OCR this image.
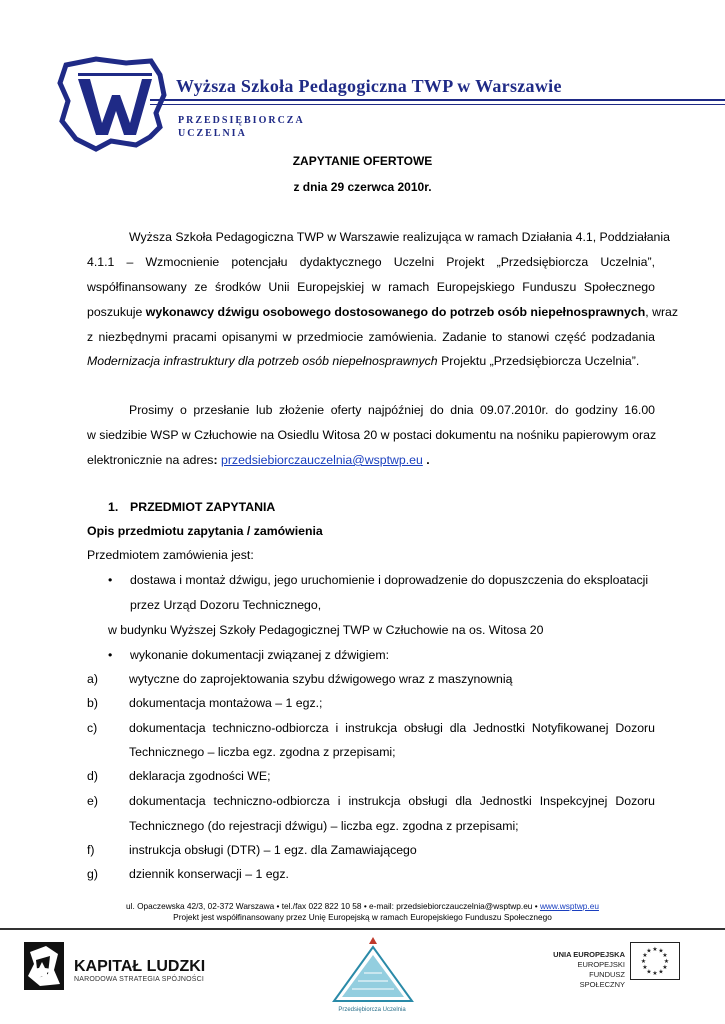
Wyższa Szkoła Pedagogiczna TWP w Warszawie
PRZEDSIĘBIORCZA
UCZELNIA
ZAPYTANIE OFERTOWE
z dnia 29 czerwca 2010r.
Wyższa Szkoła Pedagogiczna TWP w Warszawie realizująca w ramach Działania 4.1, Poddziałania
4.1.1 – Wzmocnienie potencjału dydaktycznego Uczelni Projekt „Przedsiębiorcza Uczelnia”,
współfinansowany ze środków Unii Europejskiej w ramach Europejskiego Funduszu Społecznego
poszukuje wykonawcy dźwigu osobowego dostosowanego do potrzeb osób niepełnosprawnych, wraz
z niezbędnymi pracami opisanymi w przedmiocie zamówienia. Zadanie to stanowi część podzadania
Modernizacja infrastruktury dla potrzeb osób niepełnosprawnych Projektu „Przedsiębiorcza Uczelnia”.
Prosimy o przesłanie lub złożenie oferty najpóźniej do dnia 09.07.2010r. do godziny 16.00
w siedzibie WSP w Człuchowie na Osiedlu Witosa 20 w postaci dokumentu na nośniku papierowym oraz
elektronicznie na adres: przedsiebiorczauczelnia@wsptwp.eu .
1. PRZEDMIOT ZAPYTANIA
Opis przedmiotu zapytania / zamówienia
Przedmiotem zamówienia jest:
• dostawa i montaż dźwigu, jego uruchomienie i doprowadzenie do dopuszczenia do eksploatacji
przez Urząd Dozoru Technicznego,
w budynku Wyższej Szkoły Pedagogicznej TWP w Człuchowie na os. Witosa 20
• wykonanie dokumentacji związanej z dźwigiem:
a)	wytyczne do zaprojektowania szybu dźwigowego wraz z maszynownią
b)	dokumentacja montażowa – 1 egz.;
c)	dokumentacja techniczno-odbiorcza i instrukcja obsługi dla Jednostki Notyfikowanej Dozoru
Technicznego – liczba egz. zgodna z przepisami;
d)	deklaracja zgodności WE;
e)	dokumentacja techniczno-odbiorcza i instrukcja obsługi dla Jednostki Inspekcyjnej Dozoru
Technicznego (do rejestracji dźwigu) – liczba egz. zgodna z przepisami;
f)	instrukcja obsługi (DTR) – 1 egz. dla Zamawiającego
g)	dziennik konserwacji – 1 egz.
ul. Opaczewska 42/3, 02-372 Warszawa • tel./fax 022 822 10 58 • e-mail: przedsiebiorczauczelnia@wsptwp.eu • www.wsptwp.eu
Projekt jest współfinansowany przez Unię Europejską w ramach Europejskiego Funduszu Społecznego
KAPITAŁ LUDZKI
NARODOWA STRATEGIA SPÓJNOŚCI
Przedsiębiorcza Uczelnia
UNIA EUROPEJSKA
EUROPEJSKI
FUNDUSZ SPOŁECZNY
★ ★
★
★
★
★
★
★
★
★
★
★
